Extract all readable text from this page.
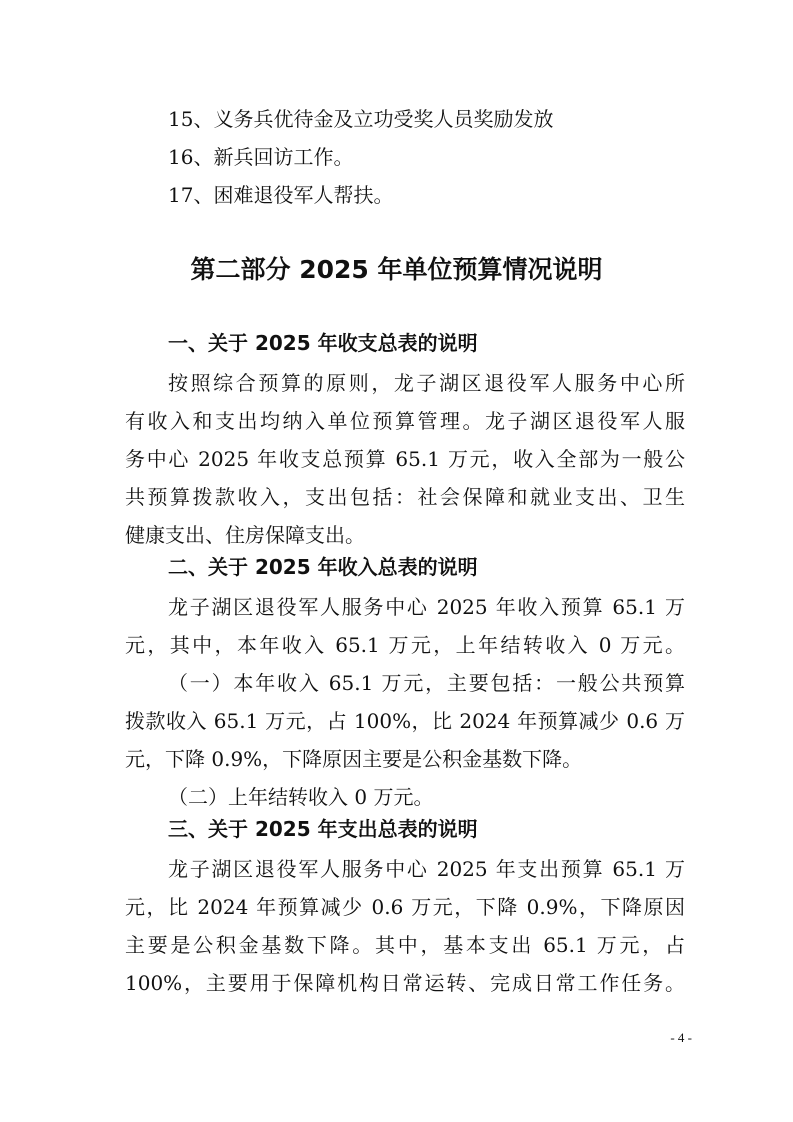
15、义务兵优待金及立功受奖人员奖励发放
16、新兵回访工作。
17、困难退役军人帮扶。
第二部分 2025 年单位预算情况说明
一、关于 2025 年收支总表的说明
按照综合预算的原则，龙子湖区退役军人服务中心所
有收入和支出均纳入单位预算管理。龙子湖区退役军人服
务中心 2025 年收支总预算 65.1 万元，收入全部为一般公
共预算拨款收入，支出包括：社会保障和就业支出、卫生
健康支出、住房保障支出。
二、关于 2025 年收入总表的说明
龙子湖区退役军人服务中心 2025 年收入预算 65.1 万
元，其中，本年收入 65.1 万元，上年结转收入 0 万元。
（一）本年收入 65.1 万元，主要包括：一般公共预算
拨款收入 65.1 万元，占 100%，比 2024 年预算减少 0.6 万
元，下降 0.9%，下降原因主要是公积金基数下降。
（二）上年结转收入 0 万元。
三、关于 2025 年支出总表的说明
龙子湖区退役军人服务中心 2025 年支出预算 65.1 万
元，比 2024 年预算减少 0.6 万元，下降 0.9%，下降原因
主要是公积金基数下降。其中，基本支出 65.1 万元，占
100%，主要用于保障机构日常运转、完成日常工作任务。
- 4 -
